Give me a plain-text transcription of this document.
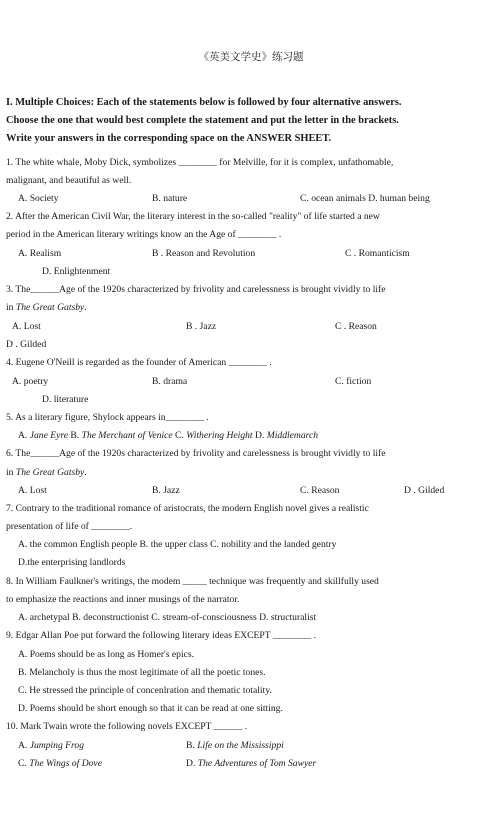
《英美文学史》练习题
I. Multiple Choices: Each of the statements below is followed by four alternative answers.
Choose the one that would best complete the statement and put the letter in the brackets.
Write your answers in the corresponding space on the ANSWER SHEET.
1. The white whale, Moby Dick, symbolizes ________ for Melville, for it is complex, unfathomable,
malignant, and beautiful as well.
A. Society	B. nature	C. ocean animals D. human being
2. After the American Civil War, the literary interest in the so-called "reality" of life started a new
period in the American literary writings know an the Age of ________ .
A. Realism	B . Reason and Revolution	C . Romanticism
D. Enlightenment
3. The______Age of the 1920s characterized by frivolity and carelessness is brought vividly to life
in The Great Gatsby.
A. Lost	B . Jazz	C . Reason
D . Gilded
4. Eugene O'Neill is regarded as the founder of American ________ .
A. poetry	B. drama	C. fiction
D. literature
5. As a literary figure, Shylock appears in________ .
A. Jane Eyre B. The Merchant of Venice C. Withering Height D. Middlemarch
6. The______Age of the 1920s characterized by frivolity and carelessness is brought vividly to life
in The Great Gatsby.
A. Lost	B. Jazz	C. Reason	D . Gilded
7. Contrary to the traditional romance of aristocrats, the modern English novel gives a realistic
presentation of life of ________.
A. the common English people B. the upper class C. nobility and the landed gentry
D.the enterprising landlords
8. In William Faulkner's writings, the modem _____ technique was frequently and skillfully used
to emphasize the reactions and inner musings of the narrator.
A. archetypal B. deconstructionist C. stream-of-consciousness D. structuralist
9. Edgar Allan Poe put forward the following literary ideas EXCEPT ________ .
A. Poems should be as long as Homer's epics.
B. Melancholy is thus the most legitimate of all the poetic tones.
C. He stressed the principle of concenlration and thematic totality.
D. Poems should be short enough so that it can be read at one sitting.
10. Mark Twain wrote the following novels EXCEPT ______ .
A. Jumping Frog	B. Life on the Mississippi
C. The Wings of Dove	D. The Adventures of Tom Sawyer
